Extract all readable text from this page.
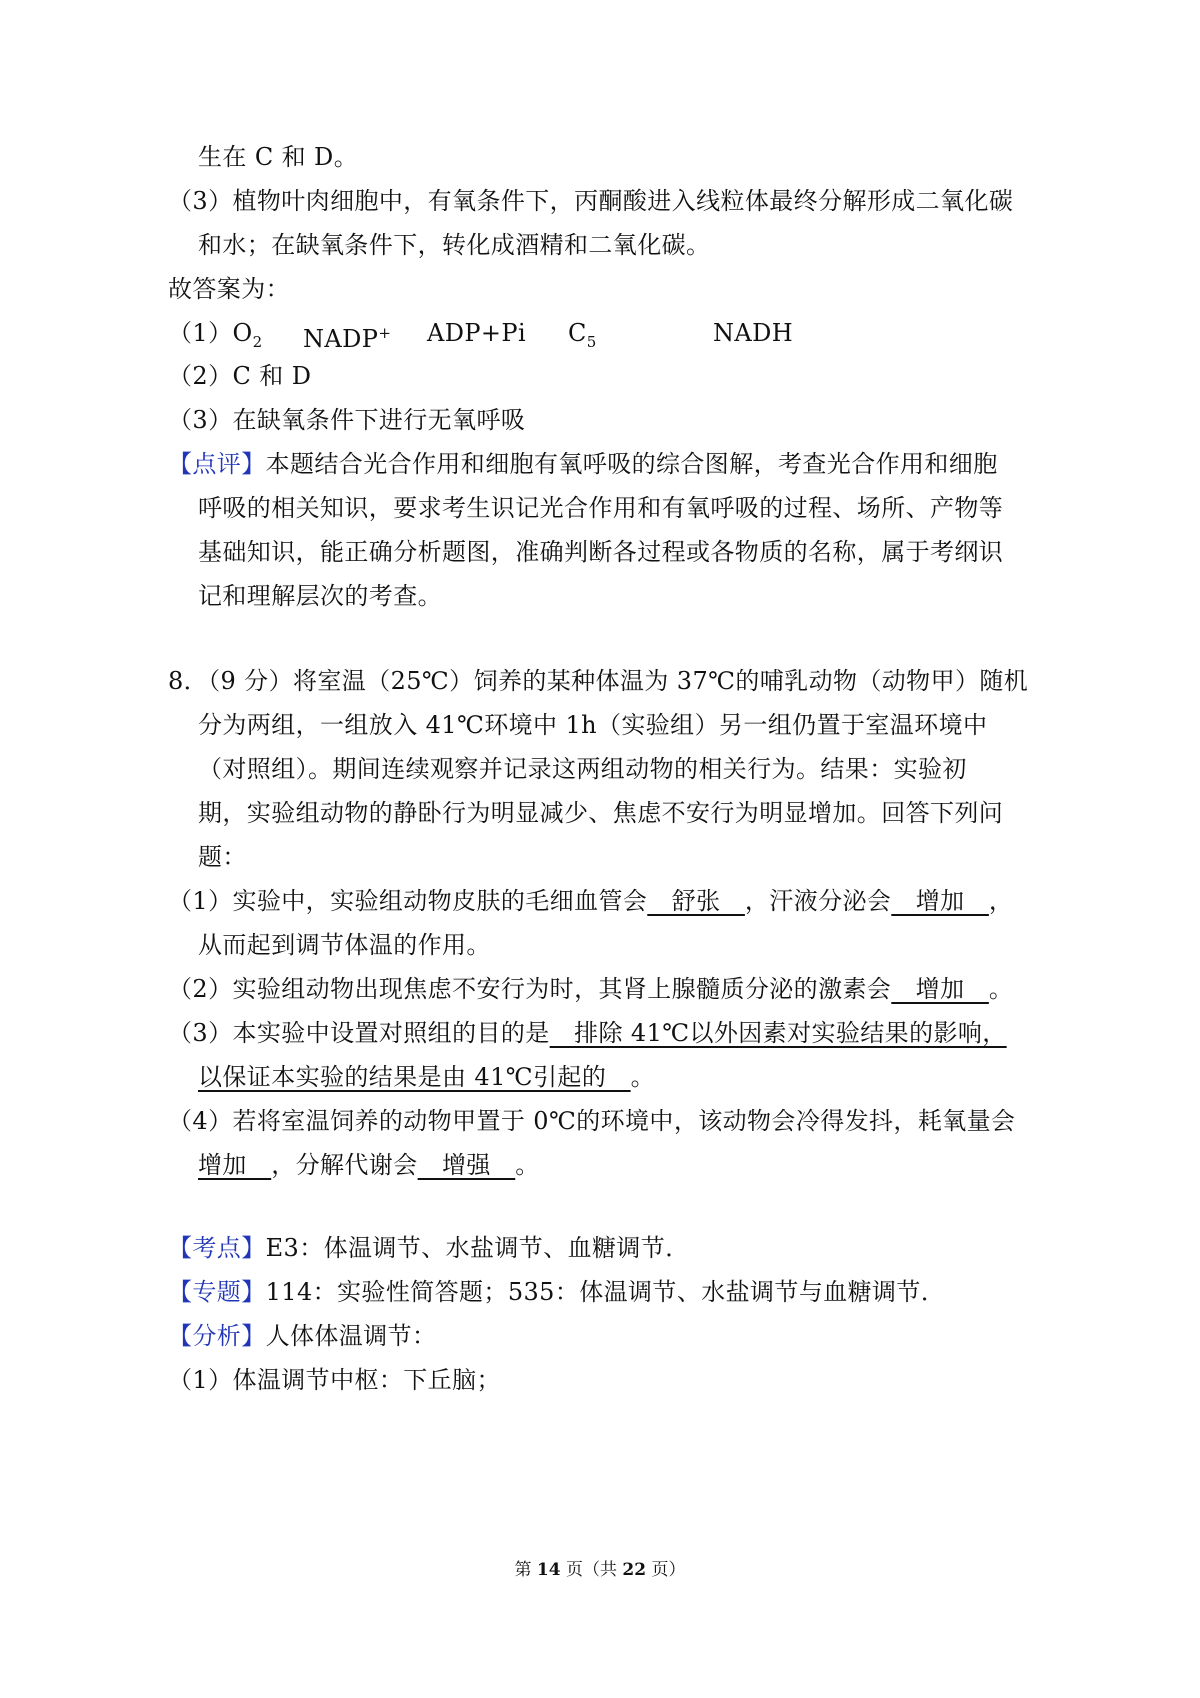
生在 C 和 D。
（3）植物叶肉细胞中，有氧条件下，丙酮酸进入线粒体最终分解形成二氧化碳
和水；在缺氧条件下，转化成酒精和二氧化碳。
故答案为：
$(1)O_2$ NADP+ ADP+Pi $C_5$	NADH
（2）C 和 D
（3）在缺氧条件下进行无氧呼吸
【点评】本题结合光合作用和细胞有氧呼吸的综合图解，考查光合作用和细胞
呼吸的相关知识，要求考生识记光合作用和有氧呼吸的过程、场所、产物等
基础知识，能正确分析题图，准确判断各过程或各物质的名称，属于考纲识
记和理解层次的考查。
8．（9 分）将室温（25℃）饲养的某种体温为 37℃的哺乳动物（动物甲）随机
分为两组，一组放入 41℃环境中 1h（实验组）另一组仍置于室温环境中
（对照组）。期间连续观察并记录这两组动物的相关行为。结果：实验初
期，实验组动物的静卧行为明显减少、焦虑不安行为明显增加。回答下列问
题：
（1）实验中，实验组动物皮肤的毛细血管会　舒张　，汗液分泌会　增加　，
从而起到调节体温的作用。
（2）实验组动物出现焦虑不安行为时，其肾上腺髓质分泌的激素会　增加　。
（3）本实验中设置对照组的目的是　排除 41℃以外因素对实验结果的影响，
以保证本实验的结果是由 41℃引起的　。
（4）若将室温饲养的动物甲置于 0℃的环境中，该动物会冷得发抖，耗氧量会
增加　，分解代谢会　增强　。
【考点】E3：体温调节、水盐调节、血糖调节．
【专题】114：实验性简答题；535：体温调节、水盐调节与血糖调节．
【分析】人体体温调节：
（1）体温调节中枢：下丘脑；
第 14 页（共 22 页）
